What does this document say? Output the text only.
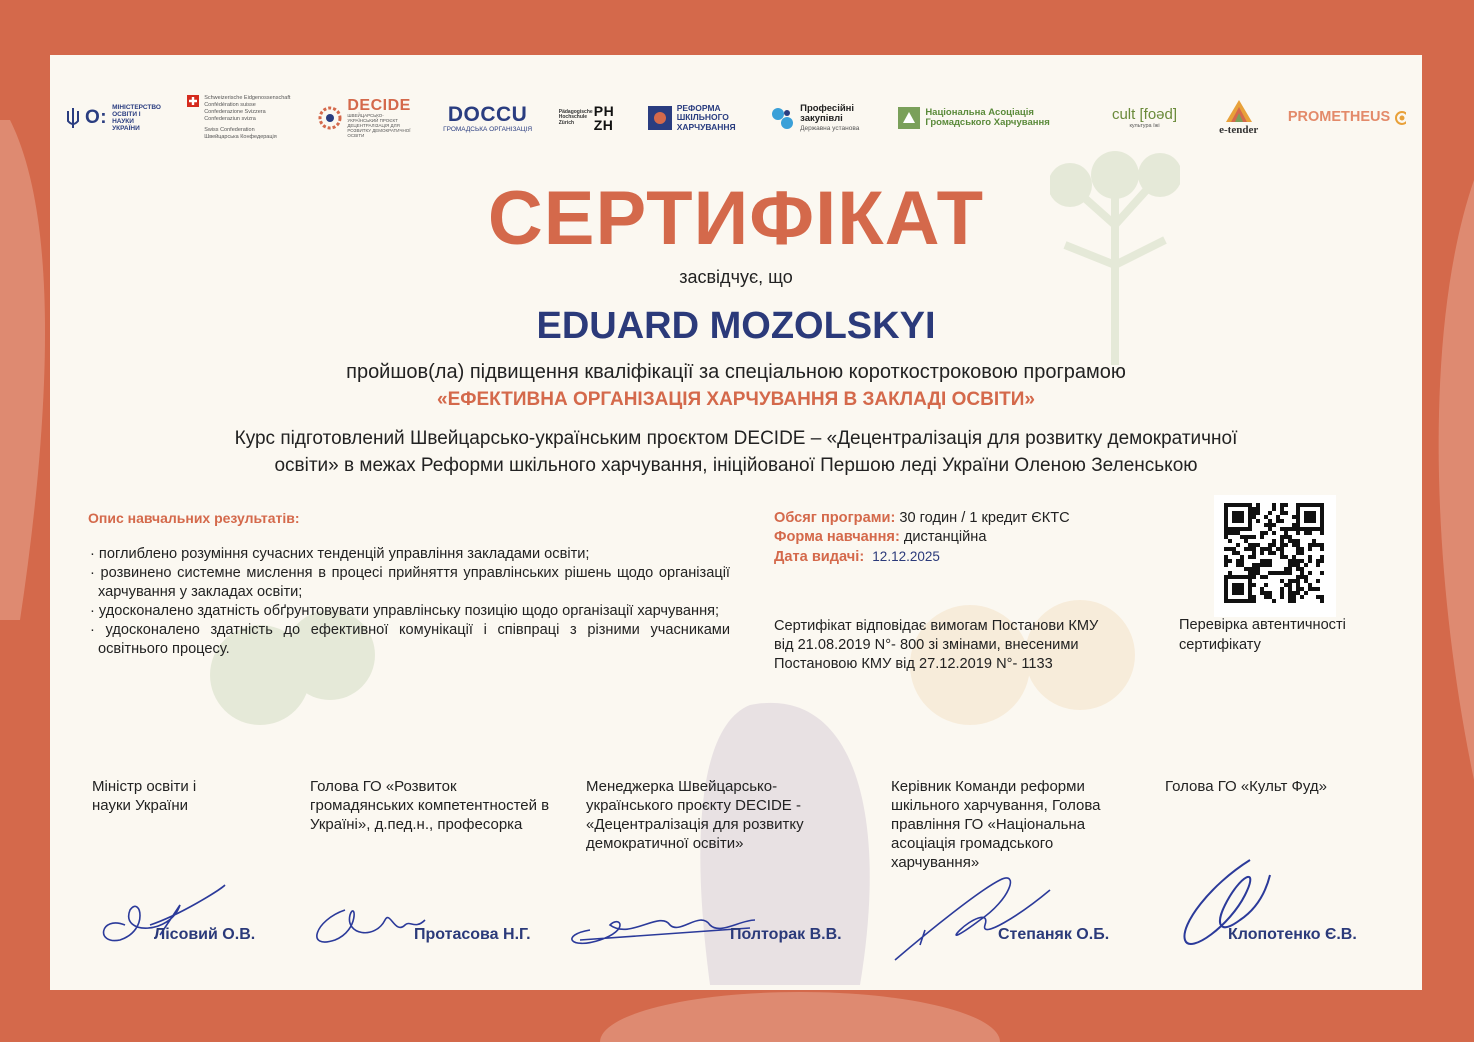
O: МІНІСТЕРСТВО ОСВІТИ І НАУКИ УКРАЇНИ
Schweizerische Eidgenossenschaft
Confédération suisse
Confederazione Svizzera
Confederaziun svizra
Swiss Confederation
Швейцарська Конфедерація
DECIDE
ШВЕЙЦАРСЬКО-УКРАЇНСЬКИЙ ПРОЄКТ ДЕЦЕНТРАЛІЗАЦІЯ ДЛЯ РОЗВИТКУ ДЕМОКРАТИЧНОЇ ОСВІТИ
DOCCU
ГРОМАДСЬКА ОРГАНІЗАЦІЯ
Pädagogische Hochschule Zürich
PH ZH
РЕФОРМА ШКІЛЬНОГО ХАРЧУВАННЯ
Професійні закупівлі
Державна установа
Національна Асоціація Громадського Харчування	cult [foǝd]
культура їжі	e-tender
PROMETHEUS
СЕРТИФІКАТ
засвідчує, що
EDUARD MOZOLSKYI
пройшов(ла) підвищення кваліфікації за спеціальною короткостроковою програмою
«ЕФЕКТИВНА ОРГАНІЗАЦІЯ ХАРЧУВАННЯ В ЗАКЛАДІ ОСВІТИ»
Курс підготовлений Швейцарсько-українським проєктом DECIDE – «Децентралізація для розвитку демократичної
освіти» в межах Реформи шкільного харчування, ініційованої Першою леді України Оленою Зеленською
Опис навчальних результатів:
· поглиблено розуміння сучасних тенденцій управління закладами освіти;
· розвинено системне мислення в процесі прийняття управлінських рішень щодо організації харчування у закладах освіти;
· удосконалено здатність обґрунтовувати управлінську позицію щодо організації харчування;
· удосконалено здатність до ефективної комунікації і співпраці з різними учасниками освітнього процесу.
Обсяг програми: 30 годин / 1 кредит ЄКТС
Форма навчання: дистанційна
Дата видачі: 12.12.2025
Сертифікат відповідає вимогам Постанови КМУ від 21.08.2019 N°- 800 зі змінами, внесеними Постановою КМУ від 27.12.2019 N°- 1133
Перевірка автентичності сертифікату
Міністр освіти і науки України
Голова ГО «Розвиток громадянських компетентностей в Україні», д.пед.н., професорка
Менеджерка Швейцарсько-українського проєкту DECIDE - «Децентралізація для розвитку демократичної освіти»
Керівник Команди реформи шкільного харчування, Голова правління ГО «Національна асоціація громадського харчування»
Голова ГО «Культ Фуд»
Лісовий О.В.	Протасова Н.Г.	Полторак В.В.	Степаняк О.Б.	Клопотенко Є.В.
